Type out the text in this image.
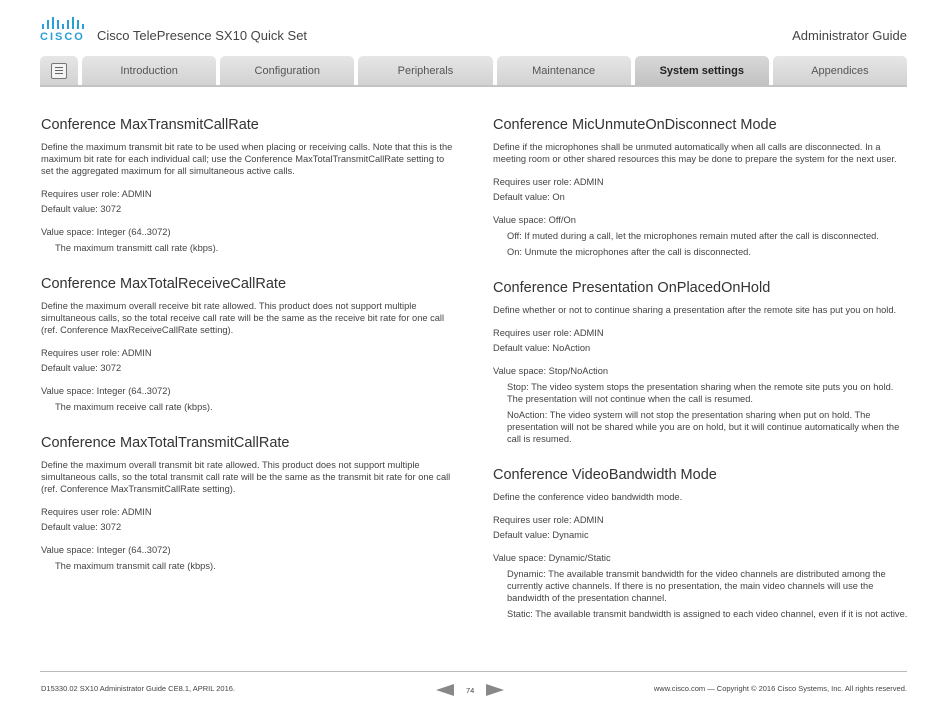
CISCO Cisco TelePresence SX10 Quick Set	Administrator Guide
Introduction	Configuration	Peripherals	Maintenance	System settings	Appendices
Conference MaxTransmitCallRate

Define the maximum transmit bit rate to be used when placing or receiving calls. Note that this is the maximum bit rate for each individual call; use the Conference MaxTotalTransmitCallRate setting to set the aggregated maximum for all simultaneous active calls.

Requires user role: ADMIN

Default value: 3072

Value space: Integer (64..3072)

The maximum transmitt call rate (kbps).

Conference MaxTotalReceiveCallRate

Define the maximum overall receive bit rate allowed. This product does not support multiple simultaneous calls, so the total receive call rate will be the same as the receive bit rate for one call (ref. Conference MaxReceiveCallRate setting).

Requires user role: ADMIN

Default value: 3072

Value space: Integer (64..3072)

The maximum receive call rate (kbps).

Conference MaxTotalTransmitCallRate

Define the maximum overall transmit bit rate allowed. This product does not support multiple simultaneous calls, so the total transmit call rate will be the same as the transmit bit rate for one call (ref. Conference MaxTransmitCallRate setting).

Requires user role: ADMIN

Default value: 3072

Value space: Integer (64..3072)

The maximum transmit call rate (kbps).

Conference MicUnmuteOnDisconnect Mode

Define if the microphones shall be unmuted automatically when all calls are disconnected. In a meeting room or other shared resources this may be done to prepare the system for the next user.

Requires user role: ADMIN

Default value: On

Value space: Off/On

Off: If muted during a call, let the microphones remain muted after the call is disconnected.

On: Unmute the microphones after the call is disconnected.

Conference Presentation OnPlacedOnHold

Define whether or not to continue sharing a presentation after the remote site has put you on hold.

Requires user role: ADMIN

Default value: NoAction

Value space: Stop/NoAction

Stop: The video system stops the presentation sharing when the remote site puts you on hold. The presentation will not continue when the call is resumed.

NoAction: The video system will not stop the presentation sharing when put on hold. The presentation will not be shared while you are on hold, but it will continue automatically when the call is resumed.

Conference VideoBandwidth Mode

Define the conference video bandwidth mode.

Requires user role: ADMIN

Default value: Dynamic

Value space: Dynamic/Static

Dynamic: The available transmit bandwidth for the video channels are distributed among the currently active channels. If there is no presentation, the main video channels will use the bandwidth of the presentation channel.

Static: The available transmit bandwidth is assigned to each video channel, even if it is not active.

D15330.02 SX10 Administrator Guide CE8.1, APRIL 2016.	74	www.cisco.com — Copyright © 2016 Cisco Systems, Inc. All rights reserved.
